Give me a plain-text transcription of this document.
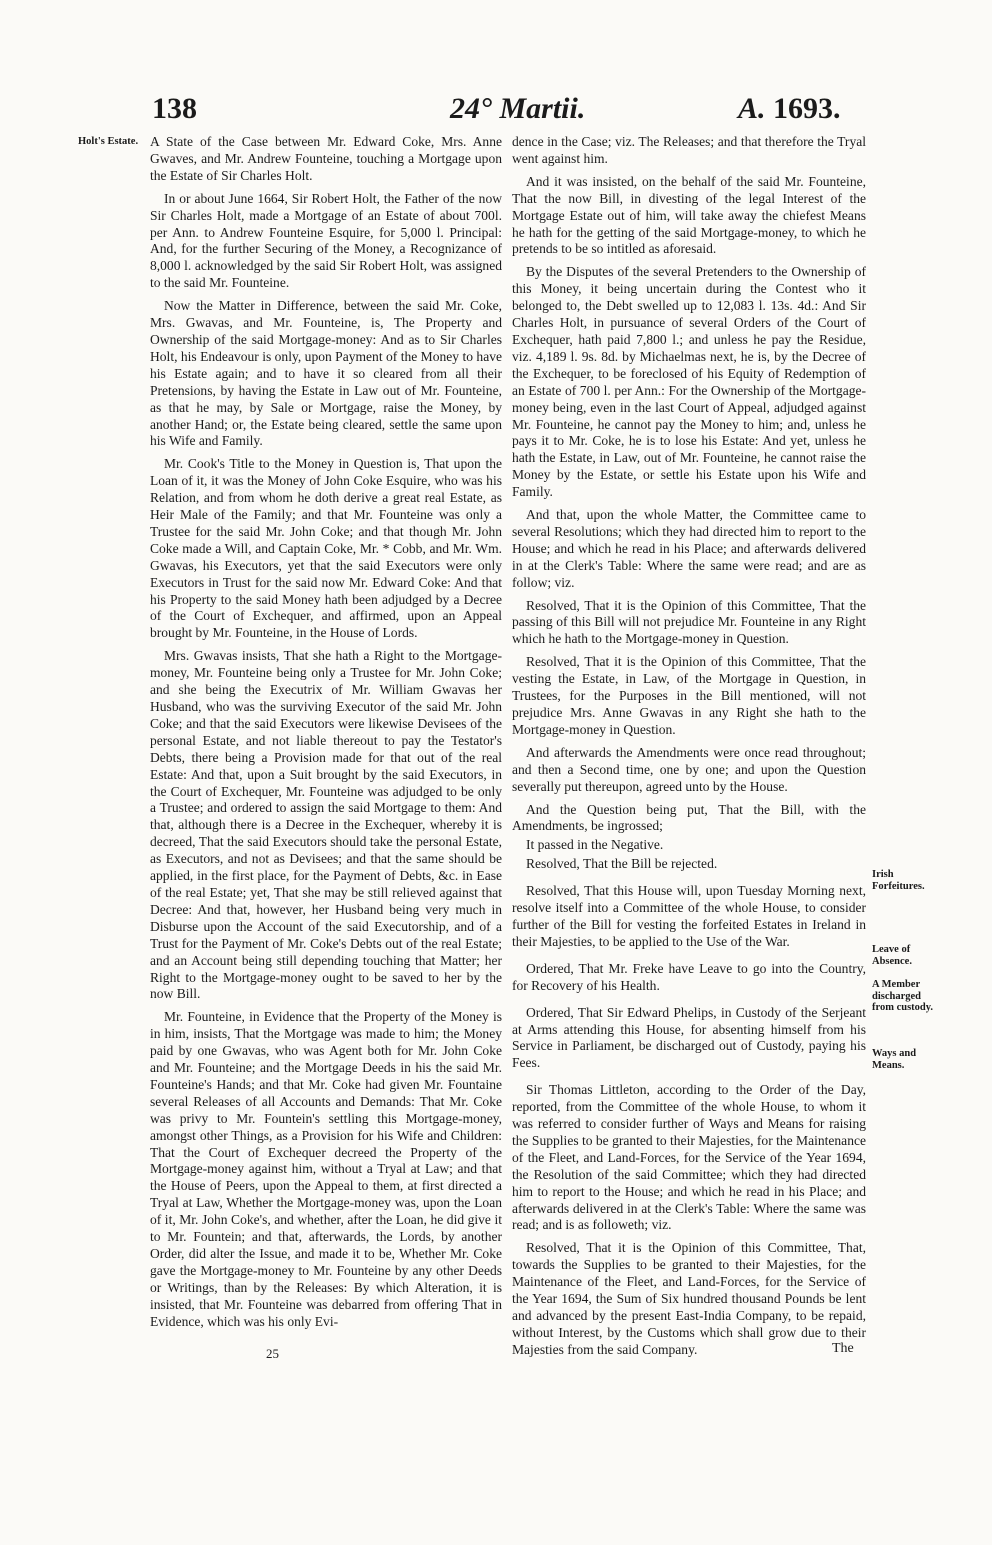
138	24° Martii.	A. 1693.
Holt's Estate.
Irish Forfeitures.
Leave of Absence.
A Member discharged from custody.
Ways and Means.

A State of the Case between Mr. Edward Coke, Mrs. Anne Gwaves, and Mr. Andrew Founteine, touching a Mortgage upon the Estate of Sir Charles Holt.

In or about June 1664, Sir Robert Holt, the Father of the now Sir Charles Holt, made a Mortgage of an Estate of about 700l. per Ann. to Andrew Founteine Esquire, for 5,000 l. Principal: And, for the further Securing of the Money, a Recognizance of 8,000 l. acknowledged by the said Sir Robert Holt, was assigned to the said Mr. Founteine.

Now the Matter in Difference, between the said Mr. Coke, Mrs. Gwavas, and Mr. Founteine, is, The Property and Ownership of the said Mortgage-money: And as to Sir Charles Holt, his Endeavour is only, upon Payment of the Money to have his Estate again; and to have it so cleared from all their Pretensions, by having the Estate in Law out of Mr. Founteine, as that he may, by Sale or Mortgage, raise the Money, by another Hand; or, the Estate being cleared, settle the same upon his Wife and Family.

Mr. Cook's Title to the Money in Question is, That upon the Loan of it, it was the Money of John Coke Esquire, who was his Relation, and from whom he doth derive a great real Estate, as Heir Male of the Family; and that Mr. Founteine was only a Trustee for the said Mr. John Coke; and that though Mr. John Coke made a Will, and Captain Coke, Mr. * Cobb, and Mr. Wm. Gwavas, his Executors, yet that the said Executors were only Executors in Trust for the said now Mr. Edward Coke: And that his Property to the said Money hath been adjudged by a Decree of the Court of Exchequer, and affirmed, upon an Appeal brought by Mr. Founteine, in the House of Lords.

Mrs. Gwavas insists, That she hath a Right to the Mortgage-money, Mr. Founteine being only a Trustee for Mr. John Coke; and she being the Executrix of Mr. William Gwavas her Husband, who was the surviving Executor of the said Mr. John Coke; and that the said Executors were likewise Devisees of the personal Estate, and not liable thereout to pay the Testator's Debts, there being a Provision made for that out of the real Estate: And that, upon a Suit brought by the said Executors, in the Court of Exchequer, Mr. Founteine was adjudged to be only a Trustee; and ordered to assign the said Mortgage to them: And that, although there is a Decree in the Exchequer, whereby it is decreed, That the said Executors should take the personal Estate, as Executors, and not as Devisees; and that the same should be applied, in the first place, for the Payment of Debts, &c. in Ease of the real Estate; yet, That she may be still relieved against that Decree: And that, however, her Husband being very much in Disburse upon the Account of the said Executorship, and of a Trust for the Payment of Mr. Coke's Debts out of the real Estate; and an Account being still depending touching that Matter; her Right to the Mortgage-money ought to be saved to her by the now Bill.

Mr. Founteine, in Evidence that the Property of the Money is in him, insists, That the Mortgage was made to him; the Money paid by one Gwavas, who was Agent both for Mr. John Coke and Mr. Founteine; and the Mortgage Deeds in his the said Mr. Founteine's Hands; and that Mr. Coke had given Mr. Fountaine several Releases of all Accounts and Demands: That Mr. Coke was privy to Mr. Fountein's settling this Mortgage-money, amongst other Things, as a Provision for his Wife and Children: That the Court of Exchequer decreed the Property of the Mortgage-money against him, without a Tryal at Law; and that the House of Peers, upon the Appeal to them, at first directed a Tryal at Law, Whether the Mortgage-money was, upon the Loan of it, Mr. John Coke's, and whether, after the Loan, he did give it to Mr. Fountein; and that, afterwards, the Lords, by another Order, did alter the Issue, and made it to be, Whether Mr. Coke gave the Mortgage-money to Mr. Founteine by any other Deeds or Writings, than by the Releases: By which Alteration, it is insisted, that Mr. Founteine was debarred from offering That in Evidence, which was his only Evi-

dence in the Case; viz. The Releases; and that therefore the Tryal went against him.

And it was insisted, on the behalf of the said Mr. Founteine, That the now Bill, in divesting of the legal Interest of the Mortgage Estate out of him, will take away the chiefest Means he hath for the getting of the said Mortgage-money, to which he pretends to be so intitled as aforesaid.

By the Disputes of the several Pretenders to the Ownership of this Money, it being uncertain during the Contest who it belonged to, the Debt swelled up to 12,083 l. 13s. 4d.: And Sir Charles Holt, in pursuance of several Orders of the Court of Exchequer, hath paid 7,800 l.; and unless he pay the Residue, viz. 4,189 l. 9s. 8d. by Michaelmas next, he is, by the Decree of the Exchequer, to be foreclosed of his Equity of Redemption of an Estate of 700 l. per Ann.: For the Ownership of the Mortgage-money being, even in the last Court of Appeal, adjudged against Mr. Founteine, he cannot pay the Money to him; and, unless he pays it to Mr. Coke, he is to lose his Estate: And yet, unless he hath the Estate, in Law, out of Mr. Founteine, he cannot raise the Money by the Estate, or settle his Estate upon his Wife and Family.

And that, upon the whole Matter, the Committee came to several Resolutions; which they had directed him to report to the House; and which he read in his Place; and afterwards delivered in at the Clerk's Table: Where the same were read; and are as follow; viz.

Resolved, That it is the Opinion of this Committee, That the passing of this Bill will not prejudice Mr. Founteine in any Right which he hath to the Mortgage-money in Question.

Resolved, That it is the Opinion of this Committee, That the vesting the Estate, in Law, of the Mortgage in Question, in Trustees, for the Purposes in the Bill mentioned, will not prejudice Mrs. Anne Gwavas in any Right she hath to the Mortgage-money in Question.

And afterwards the Amendments were once read throughout; and then a Second time, one by one; and upon the Question severally put thereupon, agreed unto by the House.

And the Question being put, That the Bill, with the Amendments, be ingrossed;

It passed in the Negative.

Resolved, That the Bill be rejected.

Resolved, That this House will, upon Tuesday Morning next, resolve itself into a Committee of the whole House, to consider further of the Bill for vesting the forfeited Estates in Ireland in their Majesties, to be applied to the Use of the War.

Ordered, That Mr. Freke have Leave to go into the Country, for Recovery of his Health.

Ordered, That Sir Edward Phelips, in Custody of the Serjeant at Arms attending this House, for absenting himself from his Service in Parliament, be discharged out of Custody, paying his Fees.

Sir Thomas Littleton, according to the Order of the Day, reported, from the Committee of the whole House, to whom it was referred to consider further of Ways and Means for raising the Supplies to be granted to their Majesties, for the Maintenance of the Fleet, and Land-Forces, for the Service of the Year 1694, the Resolution of the said Committee; which they had directed him to report to the House; and which he read in his Place; and afterwards delivered in at the Clerk's Table: Where the same was read; and is as followeth; viz.

Resolved, That it is the Opinion of this Committee, That, towards the Supplies to be granted to their Majesties, for the Maintenance of the Fleet, and Land-Forces, for the Service of the Year 1694, the Sum of Six hundred thousand Pounds be lent and advanced by the present East-India Company, to be repaid, without Interest, by the Customs which shall grow due to their Majesties from the said Company.

25	The
